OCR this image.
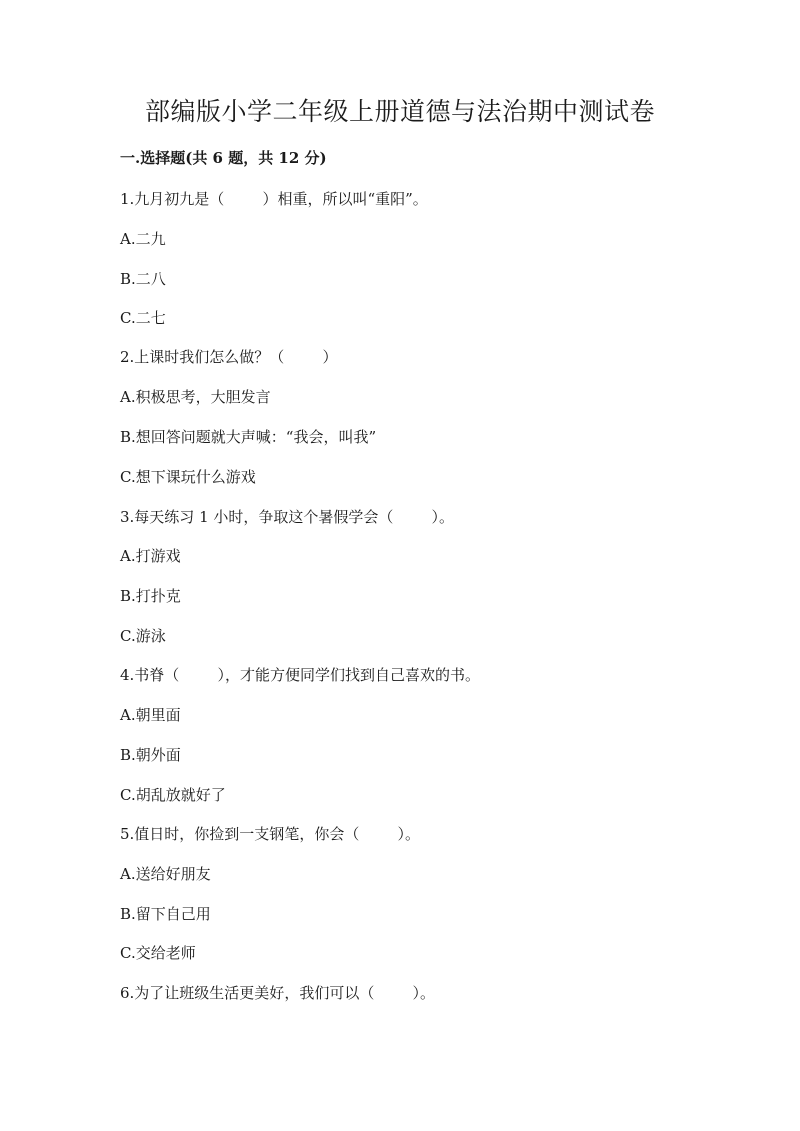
部编版小学二年级上册道德与法治期中测试卷
一.选择题(共 6 题，共 12 分)
1.九月初九是（        ）相重，所以叫“重阳”。
A.二九
B.二八
C.二七
2.上课时我们怎么做？（        ）
A.积极思考，大胆发言
B.想回答问题就大声喊：“我会，叫我”
C.想下课玩什么游戏
3.每天练习 1 小时，争取这个暑假学会（        ）。
A.打游戏
B.打扑克
C.游泳
4.书脊（        ），才能方便同学们找到自己喜欢的书。
A.朝里面
B.朝外面
C.胡乱放就好了
5.值日时，你捡到一支钢笔，你会（        ）。
A.送给好朋友
B.留下自己用
C.交给老师
6.为了让班级生活更美好，我们可以（        ）。
